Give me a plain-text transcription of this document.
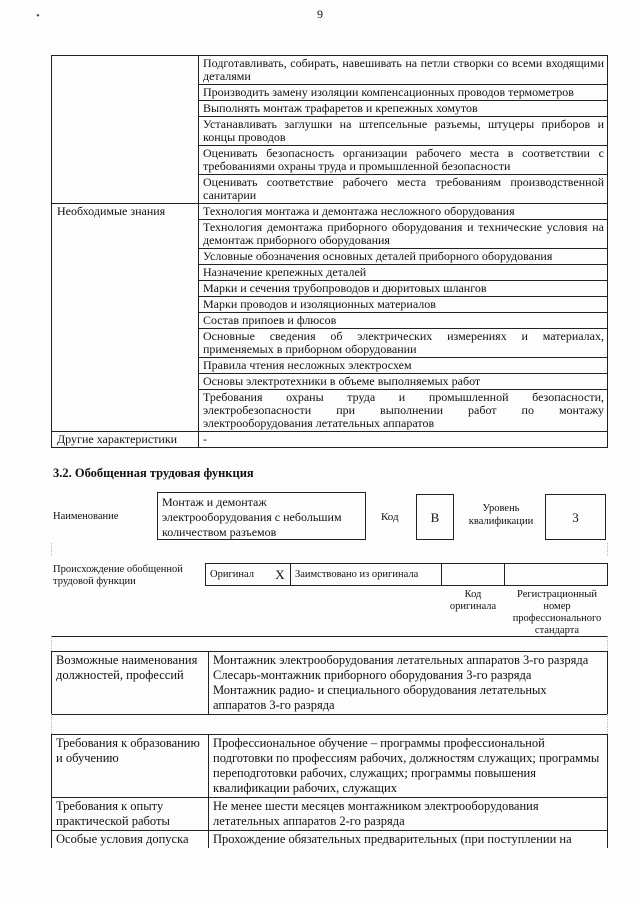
•	9
	Подготавливать, собирать, навешивать на петли створки со всеми входящими деталями
	Производить замену изоляции компенсационных проводов термометров
	Выполнять монтаж трафаретов и крепежных хомутов
	Устанавливать заглушки на штепсельные разъемы, штуцеры приборов и концы проводов
	Оценивать безопасность организации рабочего места в соответствии с требованиями охраны труда и промышленной безопасности
	Оценивать соответствие рабочего места требованиям производственной санитарии
Необходимые знания	Технология монтажа и демонтажа несложного оборудования
	Технология демонтажа приборного оборудования и технические условия на демонтаж приборного оборудования
	Условные обозначения основных деталей приборного оборудования
	Назначение крепежных деталей
	Марки и сечения трубопроводов и дюритовых шлангов
	Марки проводов и изоляционных материалов
	Состав припоев и флюсов
	Основные сведения об электрических измерениях и материалах, применяемых в приборном оборудовании
	Правила чтения несложных электросхем
	Основы электротехники в объеме выполняемых работ
	Требования охраны труда и промышленной безопасности, электробезопасности при выполнении работ по монтажу электрооборудования летательных аппаратов
Другие характеристики	-
3.2. Обобщенная трудовая функция
Наименование
Монтаж и демонтаж электрооборудования с небольшим количеством разъемов
Код	B
Уровень квалификации	3
Происхождение обобщенной трудовой функции
Оригинал	X	Заимствовано из оригинала		
Код оригинала
Регистрационный номер профессионального стандарта
Возможные наименования должностей, профессий	
Монтажник электрооборудования летательных аппаратов 3-го разряда
Слесарь-монтажник приборного оборудования 3-го разряда
Монтажник радио- и специального оборудования летательных аппаратов 3-го разряда
Требования к образованию и обучению	Профессиональное обучение – программы профессиональной подготовки по профессиям рабочих, должностям служащих; программы переподготовки рабочих, служащих; программы повышения квалификации рабочих, служащих
Требования к опыту практической работы	Не менее шести месяцев монтажником электрооборудования летательных аппаратов 2-го разряда
Особые условия допуска	Прохождение обязательных предварительных (при поступлении на
